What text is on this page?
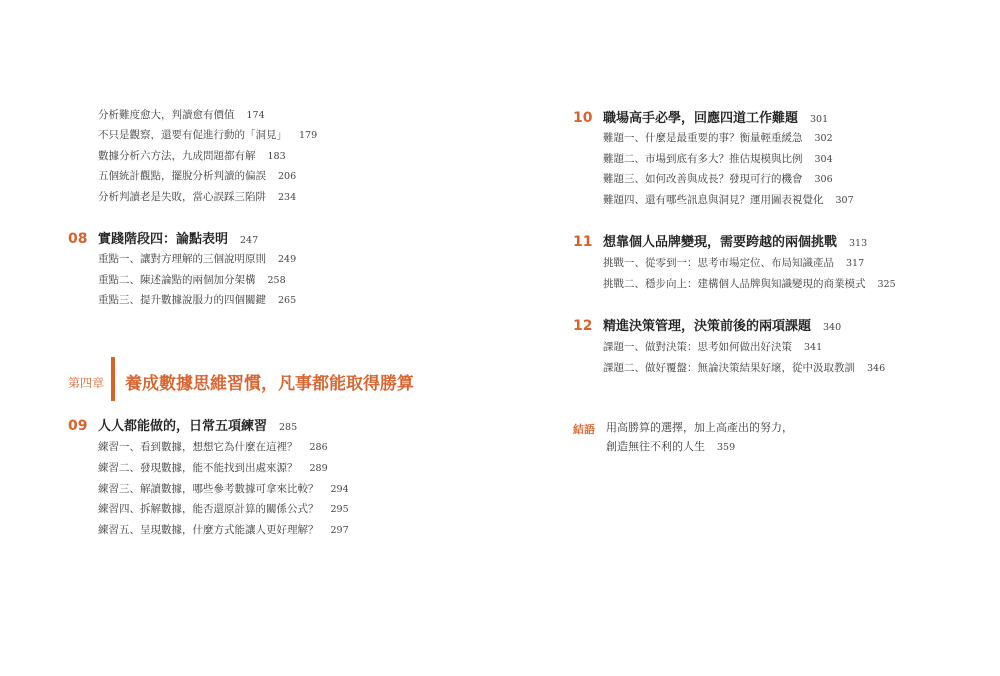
分析難度愈大，判讀愈有價值 174
不只是觀察，還要有促進行動的「洞見」 179
數據分析六方法，九成問題都有解 183
五個統計觀點，擺脫分析判讀的偏誤 206
分析判讀老是失敗，當心誤踩三陷阱 234
08 實踐階段四：論點表明 247
重點一、讓對方理解的三個說明原則 249
重點二、陳述論點的兩個加分架構 258
重點三、提升數據說服力的四個關鍵 265
第四章 養成數據思維習慣，凡事都能取得勝算
09 人人都能做的，日常五項練習 285
練習一、看到數據，想想它為什麼在這裡？ 286
練習二、發現數據，能不能找到出處來源？ 289
練習三、解讀數據，哪些參考數據可拿來比較？ 294
練習四、拆解數據，能否還原計算的關係公式？ 295
練習五、呈現數據，什麼方式能讓人更好理解？ 297
10 職場高手必學，回應四道工作難題 301
難題一、什麼是最重要的事？衡量輕重緩急 302
難題二、市場到底有多大？推估規模與比例 304
難題三、如何改善與成長？發現可行的機會 306
難題四、還有哪些訊息與洞見？運用圖表視覺化 307
11 想靠個人品牌變現，需要跨越的兩個挑戰 313
挑戰一、從零到一：思考市場定位、布局知識產品 317
挑戰二、穩步向上：建構個人品牌與知識變現的商業模式 325
12 精進決策管理，決策前後的兩項課題 340
課題一、做對決策：思考如何做出好決策 341
課題二、做好覆盤：無論決策結果好壞，從中汲取教訓 346
結語 用高勝算的選擇，加上高產出的努力，
創造無往不利的人生 359
